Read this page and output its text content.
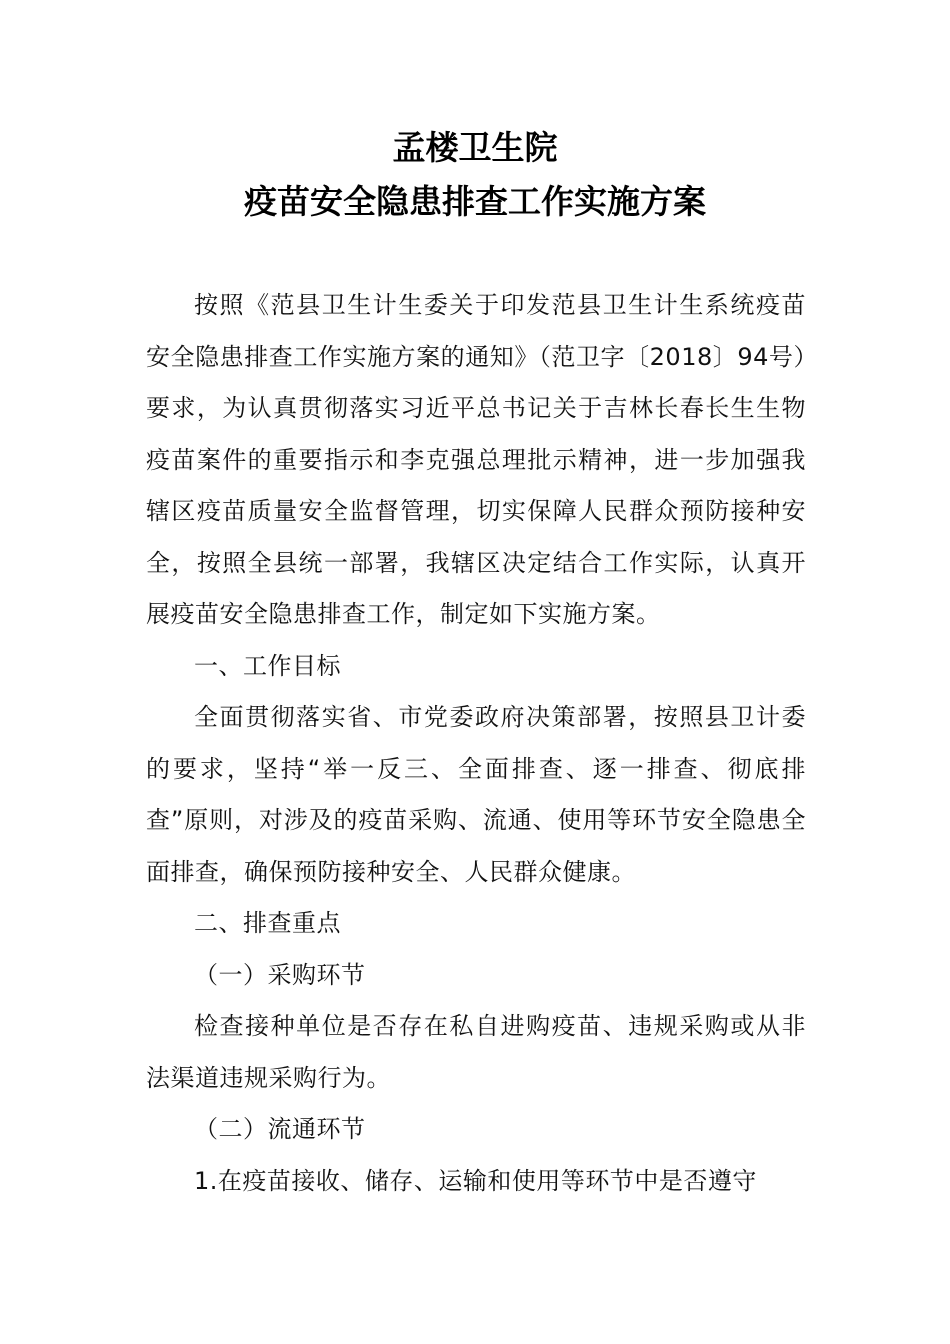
孟楼卫生院
疫苗安全隐患排查工作实施方案

按照《范县卫生计生委关于印发范县卫生计生系统疫苗安全隐患排查工作实施方案的通知》（范卫字〔2018〕94号）要求，为认真贯彻落实习近平总书记关于吉林长春长生生物疫苗案件的重要指示和李克强总理批示精神，进一步加强我辖区疫苗质量安全监督管理，切实保障人民群众预防接种安全，按照全县统一部署，我辖区决定结合工作实际，认真开展疫苗安全隐患排查工作，制定如下实施方案。

一、工作目标

全面贯彻落实省、市党委政府决策部署，按照县卫计委的要求，坚持“举一反三、全面排查、逐一排查、彻底排查”原则，对涉及的疫苗采购、流通、使用等环节安全隐患全面排查，确保预防接种安全、人民群众健康。

二、排查重点

（一）采购环节

检查接种单位是否存在私自进购疫苗、违规采购或从非法渠道违规采购行为。

（二）流通环节

1.在疫苗接收、储存、运输和使用等环节中是否遵守
